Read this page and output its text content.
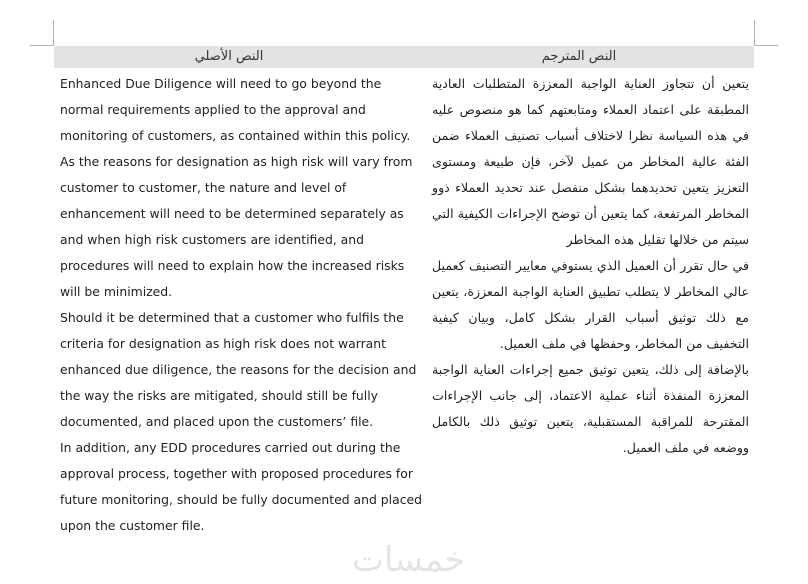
النص الأصلي	النص المترجم

Enhanced Due Diligence will need to go beyond the normal requirements applied to the approval and monitoring of customers, as contained within this policy. As the reasons for designation as high risk will vary from customer to customer, the nature and level of enhancement will need to be determined separately as and when high risk customers are identified, and procedures will need to explain how the increased risks will be minimized.

Should it be determined that a customer who fulfils the criteria for designation as high risk does not warrant enhanced due diligence, the reasons for the decision and the way the risks are mitigated, should still be fully documented, and placed upon the customers’ file.

In addition, any EDD procedures carried out during the approval process, together with proposed procedures for future monitoring, should be fully documented and placed upon the customer file.

يتعين أن تتجاوز العناية الواجبة المعززة المتطلبات العادية المطبقة على اعتماد العملاء ومتابعتهم كما هو منصوص عليه في هذه السياسة نظرا لاختلاف أسباب تصنيف العملاء ضمن الفئة عالية المخاطر من عميل لآخر، فإن طبيعة ومستوى التعزيز يتعين تحديدهما بشكل منفصل عند تحديد العملاء ذوو المخاطر المرتفعة، كما يتعين أن توضح الإجراءات الكيفية التي سيتم من خلالها تقليل هذه المخاطر

في حال تقرر أن العميل الذي يستوفي معايير التصنيف كعميل عالي المخاطر لا يتطلب تطبيق العناية الواجبة المعززة، يتعين مع ذلك توثيق أسباب القرار بشكل كامل، وبيان كيفية التخفيف من المخاطر، وحفظها في ملف العميل.

بالإضافة إلى ذلك، يتعين توثيق جميع إجراءات العناية الواجبة المعززة المنفذة أثناء عملية الاعتماد، إلى جانب الإجراءات المقترحة للمراقبة المستقبلية، يتعين توثيق ذلك بالكامل ووضعه في ملف العميل.

خمسات
